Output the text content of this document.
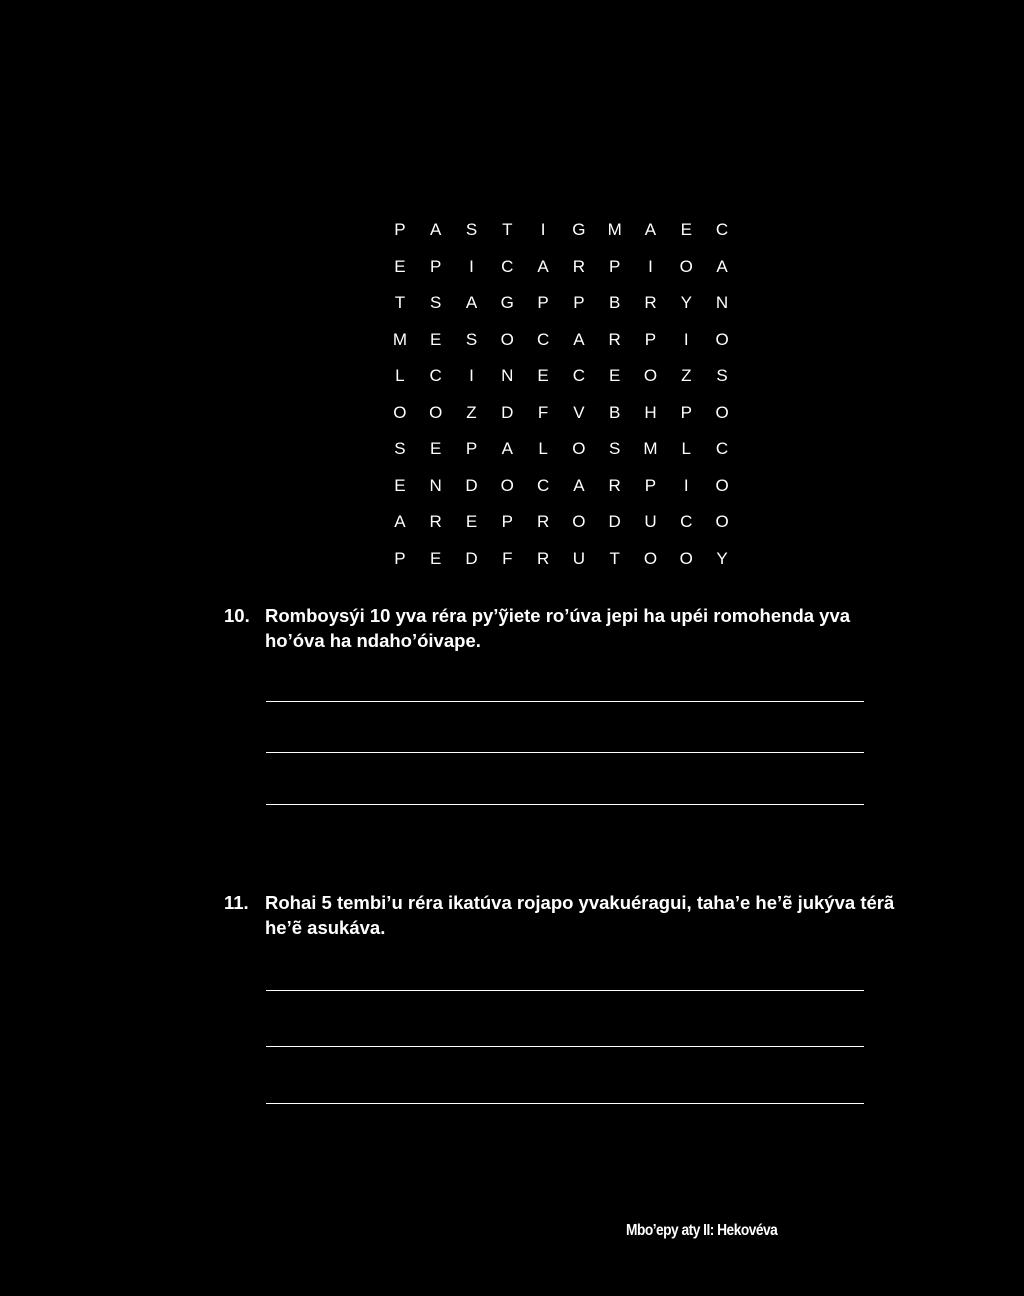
P	A	S	T	I	G	M	A	E	C
E	P	I	C	A	R	P	I	O	A
T	S	A	G	P	P	B	R	Y	N
M	E	S	O	C	A	R	P	I	O
L	C	I	N	E	C	E	O	Z	S
O	O	Z	D	F	V	B	H	P	O
S	E	P	A	L	O	S	M	L	C
E	N	D	O	C	A	R	P	I	O
A	R	E	P	R	O	D	U	C	O
P	E	D	F	R	U	T	O	O	Y
10. Romboysýi 10 yva réra py’ỹiete ro’úva jepi ha upéi romohenda yva ho’óva ha ndaho’óivape.
11. Rohai 5 tembi’u réra ikatúva rojapo yvakuéragui, taha’e he’ẽ jukýva térã he’ẽ asukáva.
Mbo’epy aty II: Hekovéva
